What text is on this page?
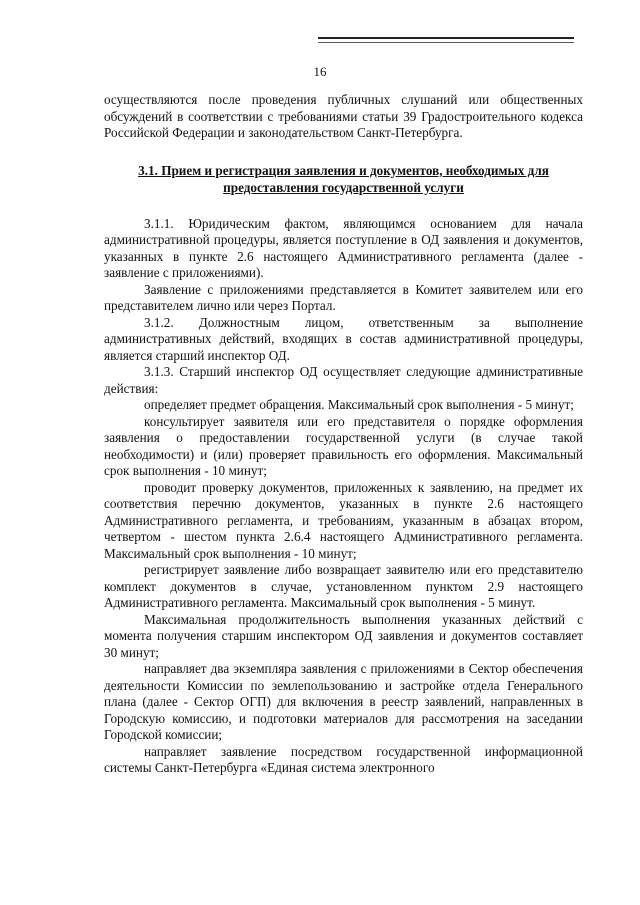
16

осуществляются после проведения публичных слушаний или общественных обсуждений в соответствии с требованиями статьи 39 Градостроительного кодекса Российской Федерации и законодательством Санкт-Петербурга.

3.1. Прием и регистрация заявления и документов, необходимых для предоставления государственной услуги

3.1.1. Юридическим фактом, являющимся основанием для начала административной процедуры, является поступление в ОД заявления и документов, указанных в пункте 2.6 настоящего Административного регламента (далее - заявление с приложениями).

Заявление с приложениями представляется в Комитет заявителем или его представителем лично или через Портал.

3.1.2. Должностным лицом, ответственным за выполнение административных действий, входящих в состав административной процедуры, является старший инспектор ОД.

3.1.3. Старший инспектор ОД осуществляет следующие административные действия:

определяет предмет обращения. Максимальный срок выполнения - 5 минут;

консультирует заявителя или его представителя о порядке оформления заявления о предоставлении государственной услуги (в случае такой необходимости) и (или) проверяет правильность его оформления. Максимальный срок выполнения - 10 минут;

проводит проверку документов, приложенных к заявлению, на предмет их соответствия перечню документов, указанных в пункте 2.6 настоящего Административного регламента, и требованиям, указанным в абзацах втором, четвертом - шестом пункта 2.6.4 настоящего Административного регламента. Максимальный срок выполнения - 10 минут;

регистрирует заявление либо возвращает заявителю или его представителю комплект документов в случае, установленном пунктом 2.9 настоящего Административного регламента. Максимальный срок выполнения - 5 минут.

Максимальная продолжительность выполнения указанных действий с момента получения старшим инспектором ОД заявления и документов составляет 30 минут;

направляет два экземпляра заявления с приложениями в Сектор обеспечения деятельности Комиссии по землепользованию и застройке отдела Генерального плана (далее - Сектор ОГП) для включения в реестр заявлений, направленных в Городскую комиссию, и подготовки материалов для рассмотрения на заседании Городской комиссии;

направляет заявление посредством государственной информационной системы Санкт-Петербурга «Единая система электронного
